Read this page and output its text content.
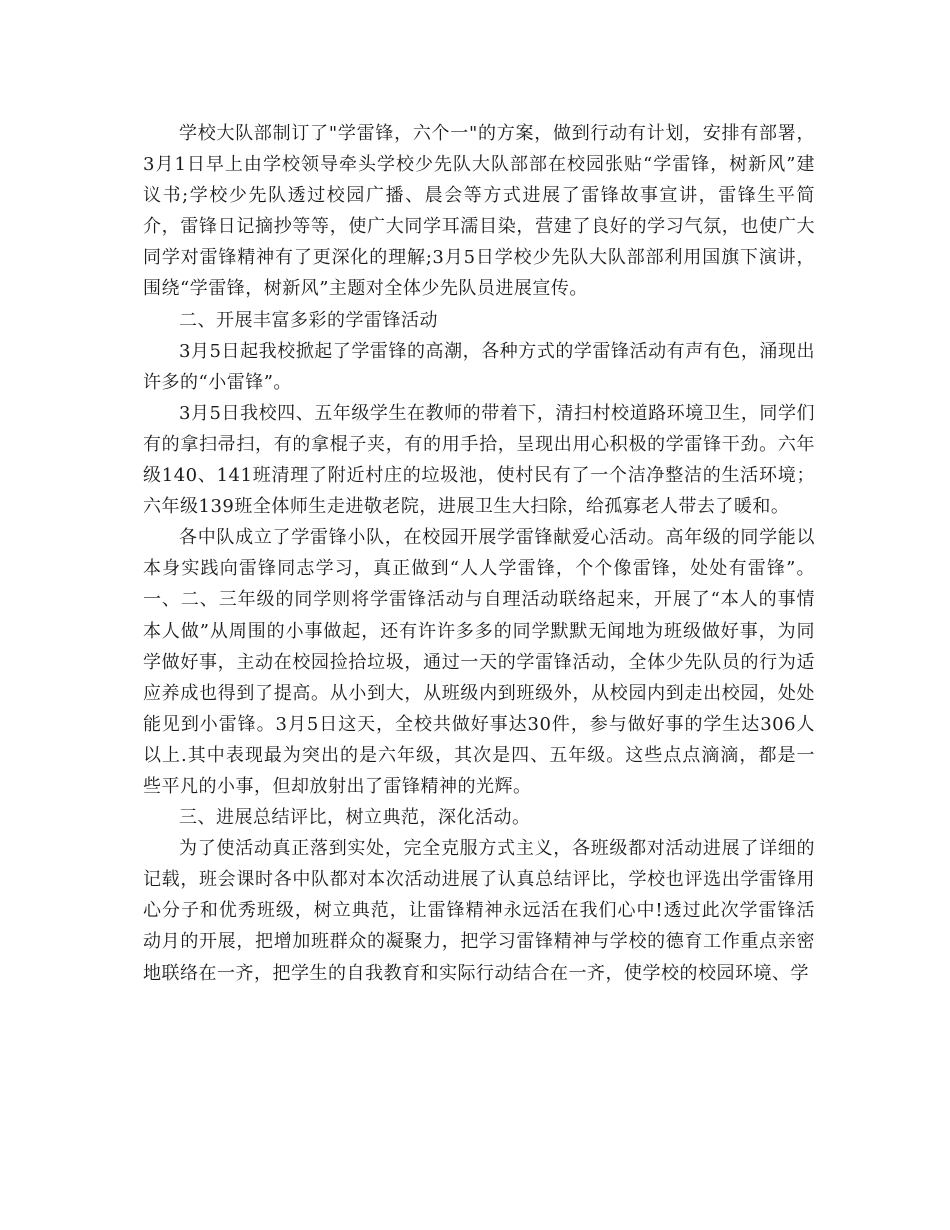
学校大队部制订了"学雷锋，六个一"的方案，做到行动有计划，安排有部署，3月1日早上由学校领导牵头学校少先队大队部部在校园张贴“学雷锋，树新风”建议书;学校少先队透过校园广播、晨会等方式进展了雷锋故事宣讲，雷锋生平简介，雷锋日记摘抄等等，使广大同学耳濡目染，营建了良好的学习气氛，也使广大同学对雷锋精神有了更深化的理解;3月5日学校少先队大队部部利用国旗下演讲，围绕“学雷锋，树新风”主题对全体少先队员进展宣传。

二、开展丰富多彩的学雷锋活动

3月5日起我校掀起了学雷锋的高潮，各种方式的学雷锋活动有声有色，涌现出许多的“小雷锋”。

3月5日我校四、五年级学生在教师的带着下，清扫村校道路环境卫生，同学们有的拿扫帚扫，有的拿棍子夹，有的用手拾，呈现出用心积极的学雷锋干劲。六年级140、141班清理了附近村庄的垃圾池，使村民有了一个洁净整洁的生活环境；六年级139班全体师生走进敬老院，进展卫生大扫除，给孤寡老人带去了暖和。

各中队成立了学雷锋小队，在校园开展学雷锋献爱心活动。高年级的同学能以本身实践向雷锋同志学习，真正做到“人人学雷锋，个个像雷锋，处处有雷锋”。一、二、三年级的同学则将学雷锋活动与自理活动联络起来，开展了“本人的事情本人做”从周围的小事做起，还有许许多多的同学默默无闻地为班级做好事，为同学做好事，主动在校园捡拾垃圾，通过一天的学雷锋活动，全体少先队员的行为适应养成也得到了提高。从小到大，从班级内到班级外，从校园内到走出校园，处处能见到小雷锋。3月5日这天，全校共做好事达30件，参与做好事的学生达306人以上.其中表现最为突出的是六年级，其次是四、五年级。这些点点滴滴，都是一些平凡的小事，但却放射出了雷锋精神的光辉。

三、进展总结评比，树立典范，深化活动。

为了使活动真正落到实处，完全克服方式主义，各班级都对活动进展了详细的记载，班会课时各中队都对本次活动进展了认真总结评比，学校也评选出学雷锋用心分子和优秀班级，树立典范，让雷锋精神永远活在我们心中!透过此次学雷锋活动月的开展，把增加班群众的凝聚力，把学习雷锋精神与学校的德育工作重点亲密地联络在一齐，把学生的自我教育和实际行动结合在一齐，使学校的校园环境、学
